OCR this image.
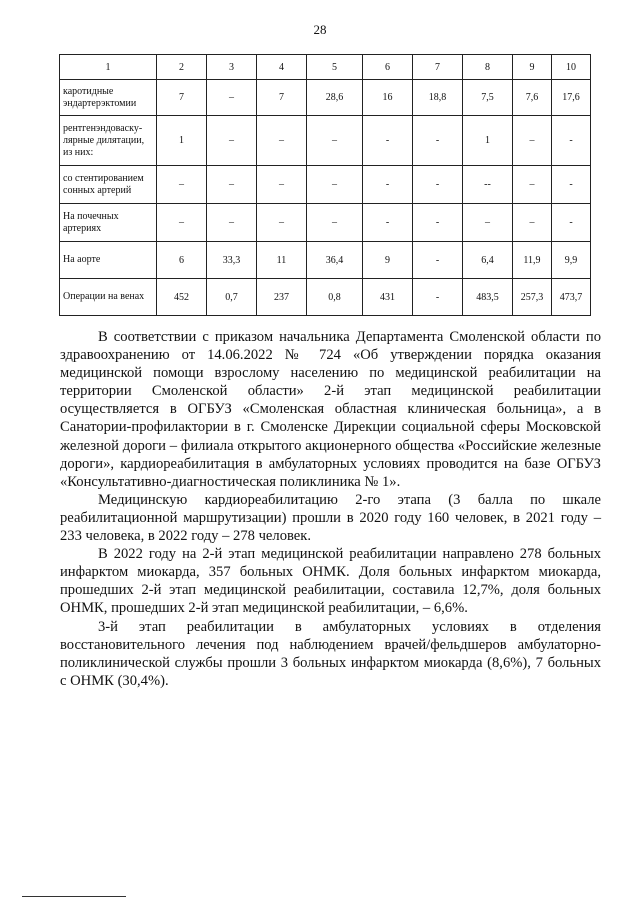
28
1	2	3	4	5	6	7	8	9	10
каротидные эндартерэктомии	7	–	7	28,6	16	18,8	7,5	7,6	17,6
рентгенэндоваску-лярные дилятации, из них:	1	–	–	–	-	-	1	–	-
со стентированием сонных артерий	–	–	–	–	-	-	--	–	-
На почечных артериях	–	–	–	–	-	-	–	–	-
На аорте	6	33,3	11	36,4	9	-	6,4	11,9	9,9
Операции на венах	452	0,7	237	0,8	431	-	483,5	257,3	473,7

В соответствии с приказом начальника Департамента Смоленской области по здравоохранению от 14.06.2022 № 724 «Об утверждении порядка оказания медицинской помощи взрослому населению по медицинской реабилитации на территории Смоленской области» 2-й этап медицинской реабилитации осуществляется в ОГБУЗ «Смоленская областная клиническая больница», а в Санатории-профилактории в г. Смоленске Дирекции социальной сферы Московской железной дороги – филиала открытого акционерного общества «Российские железные дороги», кардиореабилитация в амбулаторных условиях проводится на базе ОГБУЗ «Консультативно-диагностическая поликлиника № 1».

Медицинскую кардиореабилитацию 2-го этапа (3 балла по шкале реабилитационной маршрутизации) прошли в 2020 году 160 человек, в 2021 году – 233 человека, в 2022 году – 278 человек.

В 2022 году на 2-й этап медицинской реабилитации направлено 278 больных инфарктом миокарда, 357 больных ОНМК. Доля больных инфарктом миокарда, прошедших 2-й этап медицинской реабилитации, составила 12,7%, доля больных ОНМК, прошедших 2-й этап медицинской реабилитации, – 6,6%.

3-й этап реабилитации в амбулаторных условиях в отделения восстановительного лечения под наблюдением врачей/фельдшеров амбулаторно-поликлинической службы прошли 3 больных инфарктом миокарда (8,6%), 7 больных с ОНМК (30,4%).
